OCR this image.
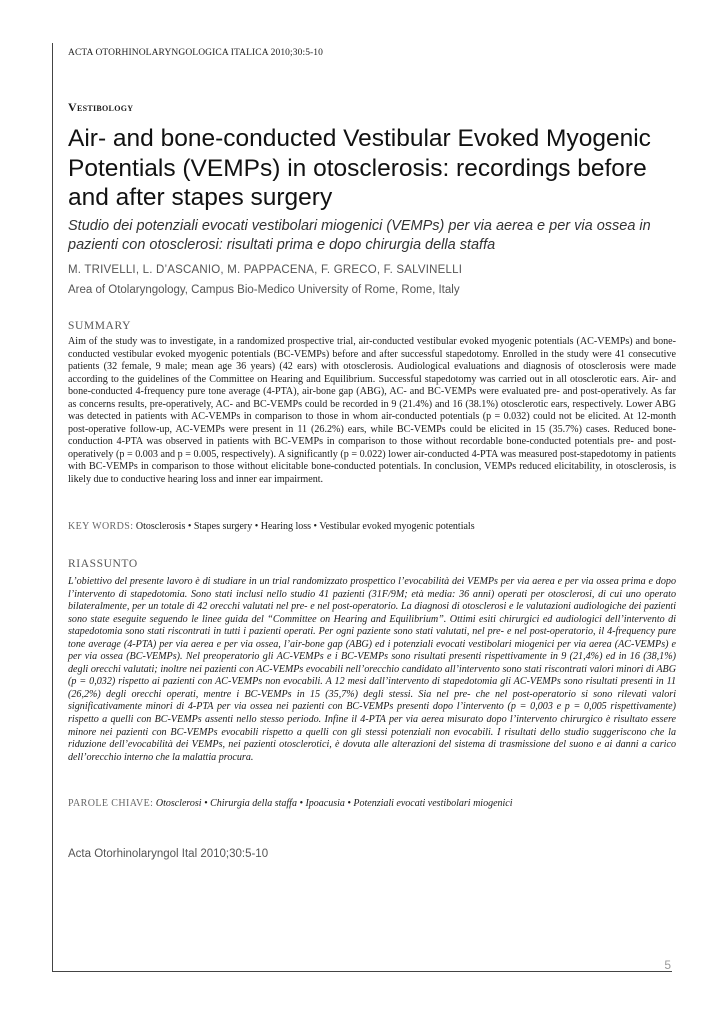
ACTA OTORHINOLARYNGOLOGICA ITALICA 2010;30:5-10
Vestibology
Air- and bone-conducted Vestibular Evoked Myogenic Potentials (VEMPs) in otosclerosis: recordings before and after stapes surgery

Studio dei potenziali evocati vestibolari miogenici (VEMPs) per via aerea e per via ossea in pazienti con otosclerosi: risultati prima e dopo chirurgia della staffa

M. TRIVELLI, L. D’ASCANIO, M. PAPPACENA, F. GRECO, F. SALVINELLI
Area of Otolaryngology, Campus Bio-Medico University of Rome, Rome, Italy
SUMMARY

Aim of the study was to investigate, in a randomized prospective trial, air-conducted vestibular evoked myogenic potentials (AC-VEMPs) and bone-conducted vestibular evoked myogenic potentials (BC-VEMPs) before and after successful stapedotomy. Enrolled in the study were 41 consecutive patients (32 female, 9 male; mean age 36 years) (42 ears) with otosclerosis. Audiological evaluations and diagnosis of otosclerosis were made according to the guidelines of the Committee on Hearing and Equilibrium. Successful stapedotomy was carried out in all otosclerotic ears. Air- and bone-conducted 4-frequency pure tone average (4-PTA), air-bone gap (ABG), AC- and BC-VEMPs were evaluated pre- and post-operatively. As far as concerns results, pre-operatively, AC- and BC-VEMPs could be recorded in 9 (21.4%) and 16 (38.1%) otosclerotic ears, respectively. Lower ABG was detected in patients with AC-VEMPs in comparison to those in whom air-conducted potentials (p = 0.032) could not be elicited. At 12-month post-operative follow-up, AC-VEMPs were present in 11 (26.2%) ears, while BC-VEMPs could be elicited in 15 (35.7%) cases. Reduced bone-conduction 4-PTA was observed in patients with BC-VEMPs in comparison to those without recordable bone-conducted potentials pre- and post-operatively (p = 0.003 and p = 0.005, respectively). A significantly (p = 0.022) lower air-conducted 4-PTA was measured post-stapedotomy in patients with BC-VEMPs in comparison to those without elicitable bone-conducted potentials. In conclusion, VEMPs reduced elicitability, in otosclerosis, is likely due to conductive hearing loss and inner ear impairment.

KEY WORDS: Otosclerosis • Stapes surgery • Hearing loss • Vestibular evoked myogenic potentials
RIASSUNTO

L’obiettivo del presente lavoro è di studiare in un trial randomizzato prospettico l’evocabilità dei VEMPs per via aerea e per via ossea prima e dopo l’intervento di stapedotomia. Sono stati inclusi nello studio 41 pazienti (31F/9M; età media: 36 anni) operati per otosclerosi, di cui uno operato bilateralmente, per un totale di 42 orecchi valutati nel pre- e nel post-operatorio. La diagnosi di otosclerosi e le valutazioni audiologiche dei pazienti sono state eseguite seguendo le linee guida del “Committee on Hearing and Equilibrium”. Ottimi esiti chirurgici ed audiologici dell’intervento di stapedotomia sono stati riscontrati in tutti i pazienti operati. Per ogni paziente sono stati valutati, nel pre- e nel post-operatorio, il 4-frequency pure tone average (4-PTA) per via aerea e per via ossea, l’air-bone gap (ABG) ed i potenziali evocati vestibolari miogenici per via aerea (AC-VEMPs) e per via ossea (BC-VEMPs). Nel preoperatorio gli AC-VEMPs e i BC-VEMPs sono risultati presenti rispettivamente in 9 (21,4%) ed in 16 (38,1%) degli orecchi valutati; inoltre nei pazienti con AC-VEMPs evocabili nell’orecchio candidato all’intervento sono stati riscontrati valori minori di ABG (p = 0,032) rispetto ai pazienti con AC-VEMPs non evocabili. A 12 mesi dall’intervento di stapedotomia gli AC-VEMPs sono risultati presenti in 11 (26,2%) degli orecchi operati, mentre i BC-VEMPs in 15 (35,7%) degli stessi. Sia nel pre- che nel post-operatorio si sono rilevati valori significativamente minori di 4-PTA per via ossea nei pazienti con BC-VEMPs presenti dopo l’intervento (p = 0,003 e p = 0,005 rispettivamente) rispetto a quelli con BC-VEMPs assenti nello stesso periodo. Infine il 4-PTA per via aerea misurato dopo l’intervento chirurgico è risultato essere minore nei pazienti con BC-VEMPs evocabili rispetto a quelli con gli stessi potenziali non evocabili. I risultati dello studio suggeriscono che la riduzione dell’evocabilità dei VEMPs, nei pazienti otosclerotici, è dovuta alle alterazioni del sistema di trasmissione del suono e ai danni a carico dell’orecchio interno che la malattia procura.

PAROLE CHIAVE: Otosclerosi • Chirurgia della staffa • Ipoacusia • Potenziali evocati vestibolari miogenici
Acta Otorhinolaryngol Ital 2010;30:5-10
5
